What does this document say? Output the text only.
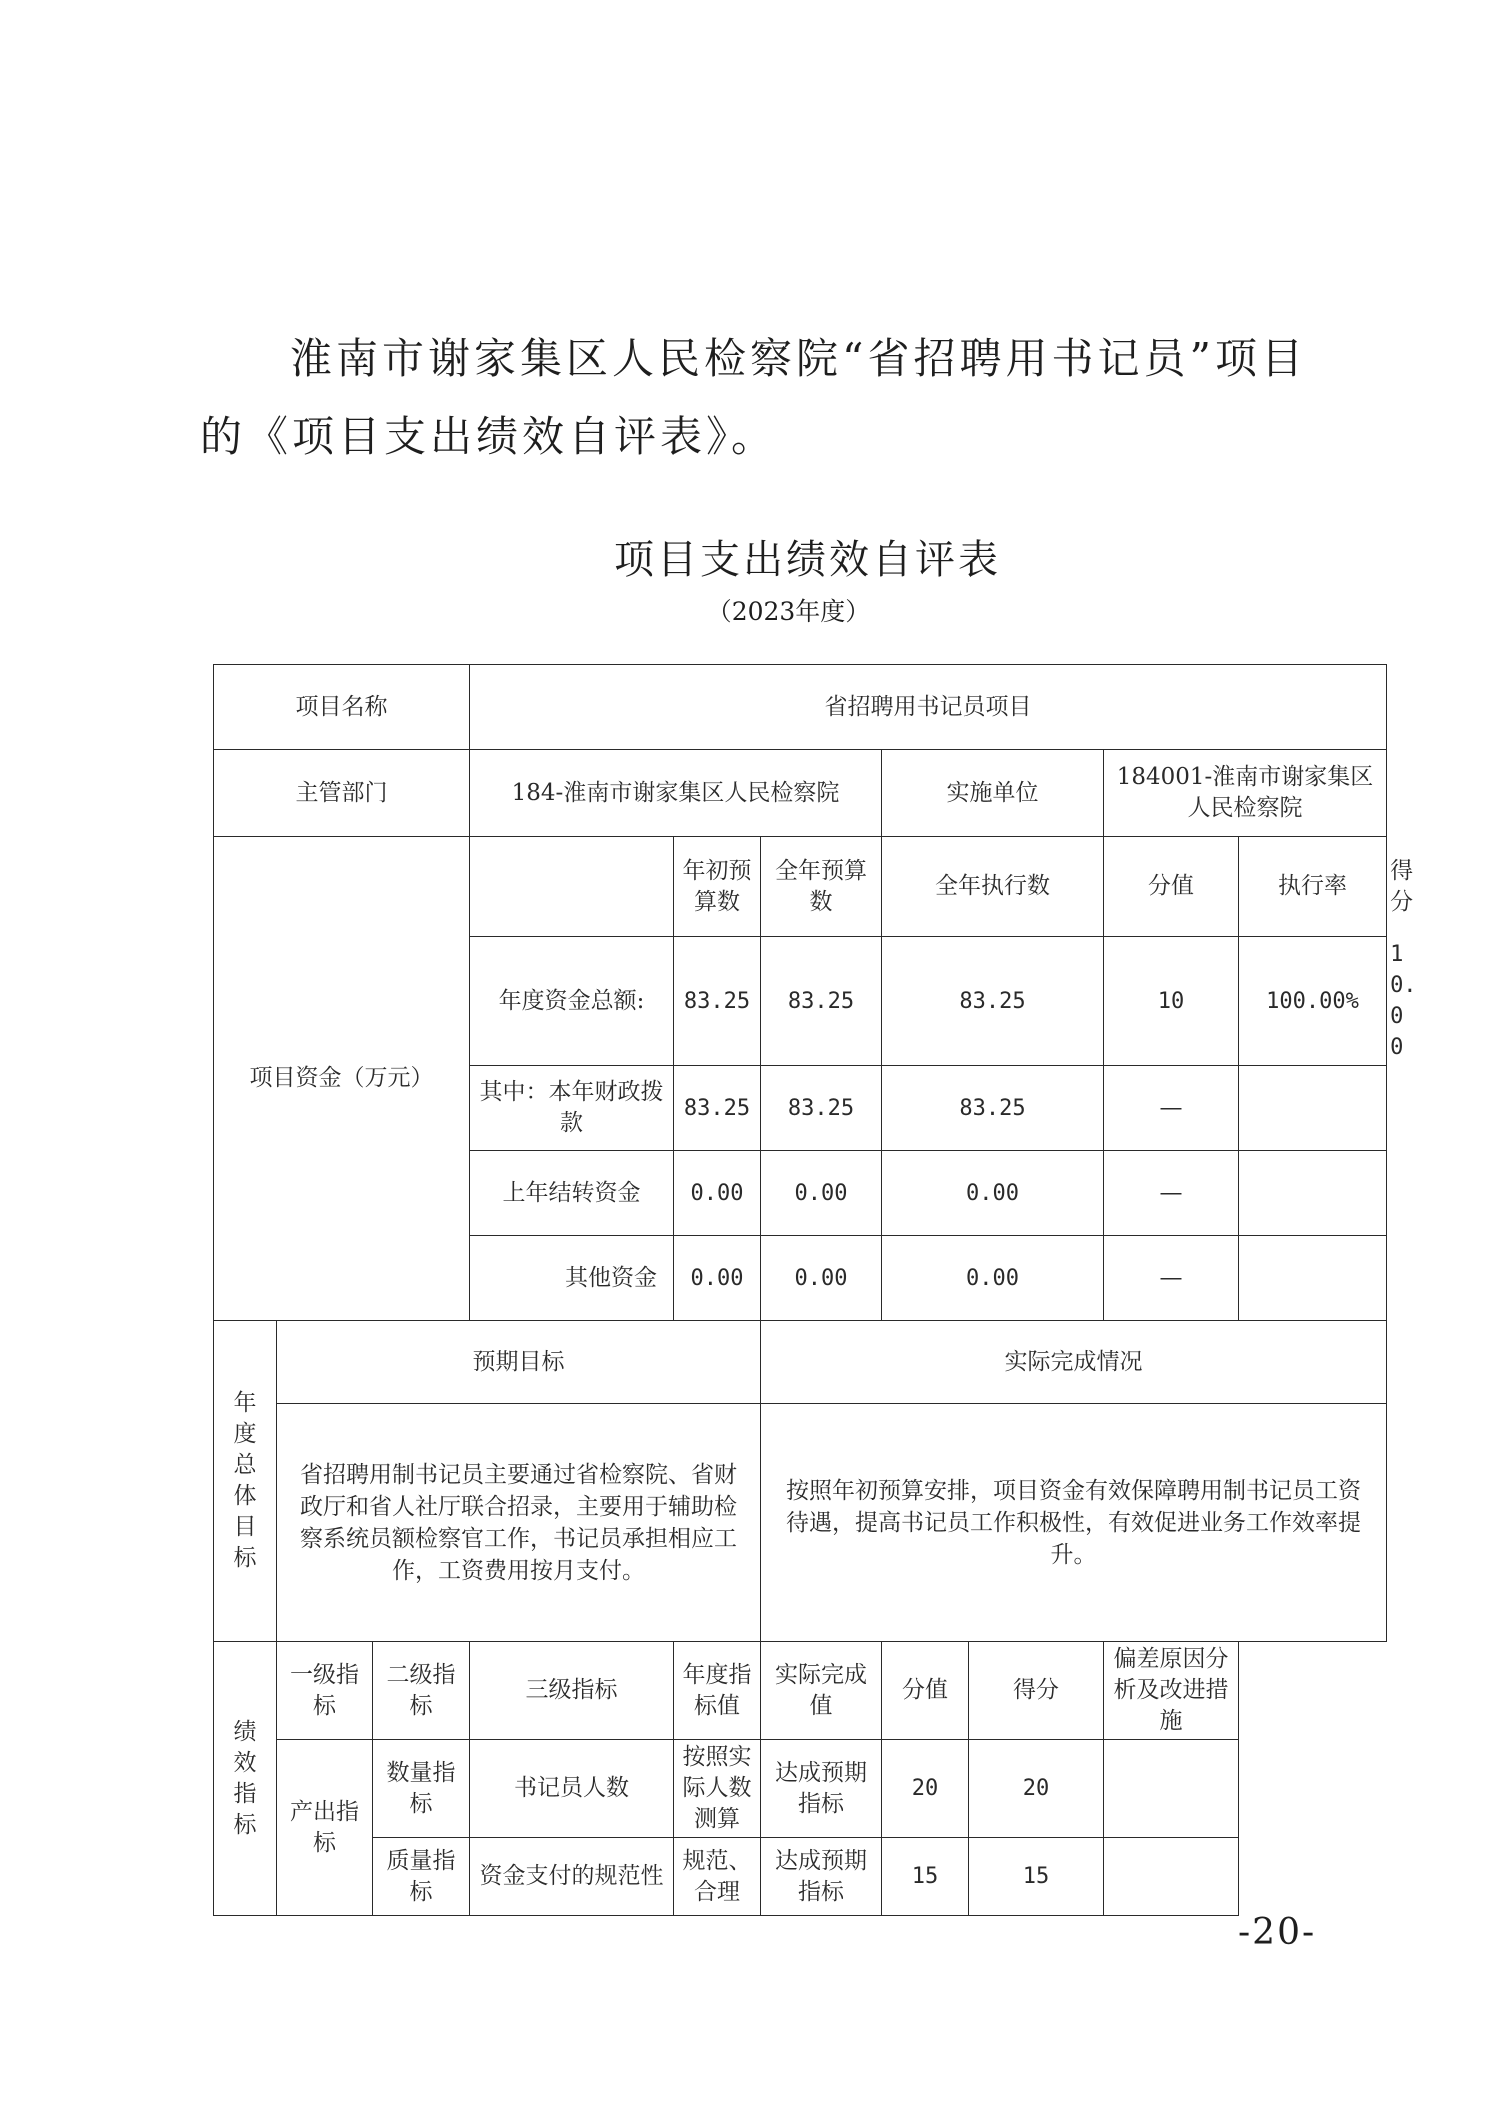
淮南市谢家集区人民检察院“省招聘用书记员”项目的《项目支出绩效自评表》。
项目支出绩效自评表
（2023年度）
项目名称			省招聘用书记员项目							
主管部门			184-淮南市谢家集区人民检察院			实施单位		184001-淮南市谢家集区人民检察院		
项目资金（万元）				年初预算数	全年预算数	全年执行数		分值	执行率	得分
			年度资金总额:	83.25	83.25	83.25		10	100.00%	10.00
			其中：本年财政拨款	83.25	83.25	83.25		—		
			上年结转资金	0.00	0.00	0.00		—		
			其他资金	0.00	0.00	0.00		—		

年度总体目标	预期目标				实际完成情况					
	省招聘用制书记员主要通过省检察院、省财政厅和省人社厅联合招录，主要用于辅助检察系统员额检察官工作，书记员承担相应工作，工资费用按月支付。				按照年初预算安排，项目资金有效保障聘用制书记员工资待遇，提高书记员工作积极性，有效促进业务工作效率提升。					

绩效指标	一级指标	二级指标	三级指标	年度指标值	实际完成值	分值	得分	偏差原因分析及改进措施		
	产出指标	数量指标	书记员人数	按照实际人数测算	达成预期指标	20	20			
		质量指标	资金支付的规范性	规范、合理	达成预期指标	15	15			
-20-
